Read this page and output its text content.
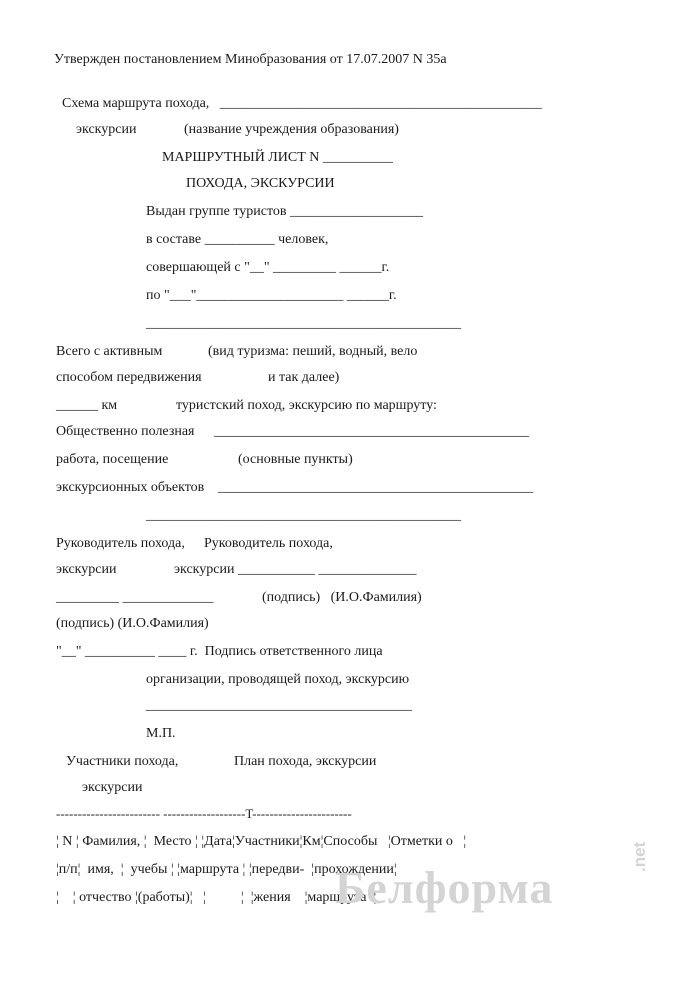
Утвержден постановлением Минобразования от 17.07.2007 N 35а
Схема маршрута похода,   ______________________________________________
экскурсии	(название учреждения образования)
МАРШРУТНЫЙ ЛИСТ N __________
ПОХОДА, ЭКСКУРСИИ
Выдан группе туристов ___________________
в составе __________ человек,
совершающей с "__" _________ ______г.
по "___"_____________________ ______г.
_____________________________________________
Всего с активным	(вид туризма: пеший, водный, вело
способом передвижения	и так далее)
______ км	туристский поход, экскурсию по маршруту:
Общественно полезная _____________________________________________
работа, посещение	(основные пункты)
экскурсионных объектов _____________________________________________
_____________________________________________
Руководитель похода, Руководитель похода,
экскурсии	экскурсии ___________ ______________
_________ _____________	(подпись)   (И.О.Фамилия)
(подпись) (И.О.Фамилия)
"__" __________ ____ г.  Подпись ответственного лица
организации, проводящей поход, экскурсию
______________________________________
М.П.
Участники похода,	План похода, экскурсии
экскурсии
------------------------ -------------------T-----------------------
¦ N ¦ Фамилия, ¦  Место ¦ ¦Дата¦Участники¦Км¦Способы   ¦Отметки о   ¦
¦п/п¦  имя,  ¦  учебы ¦ ¦маршрута ¦ ¦передви-  ¦прохождении¦
¦    ¦ отчество ¦(работы)¦   ¦          ¦  ¦жения    ¦маршрута  ¦
Белформа
.net
